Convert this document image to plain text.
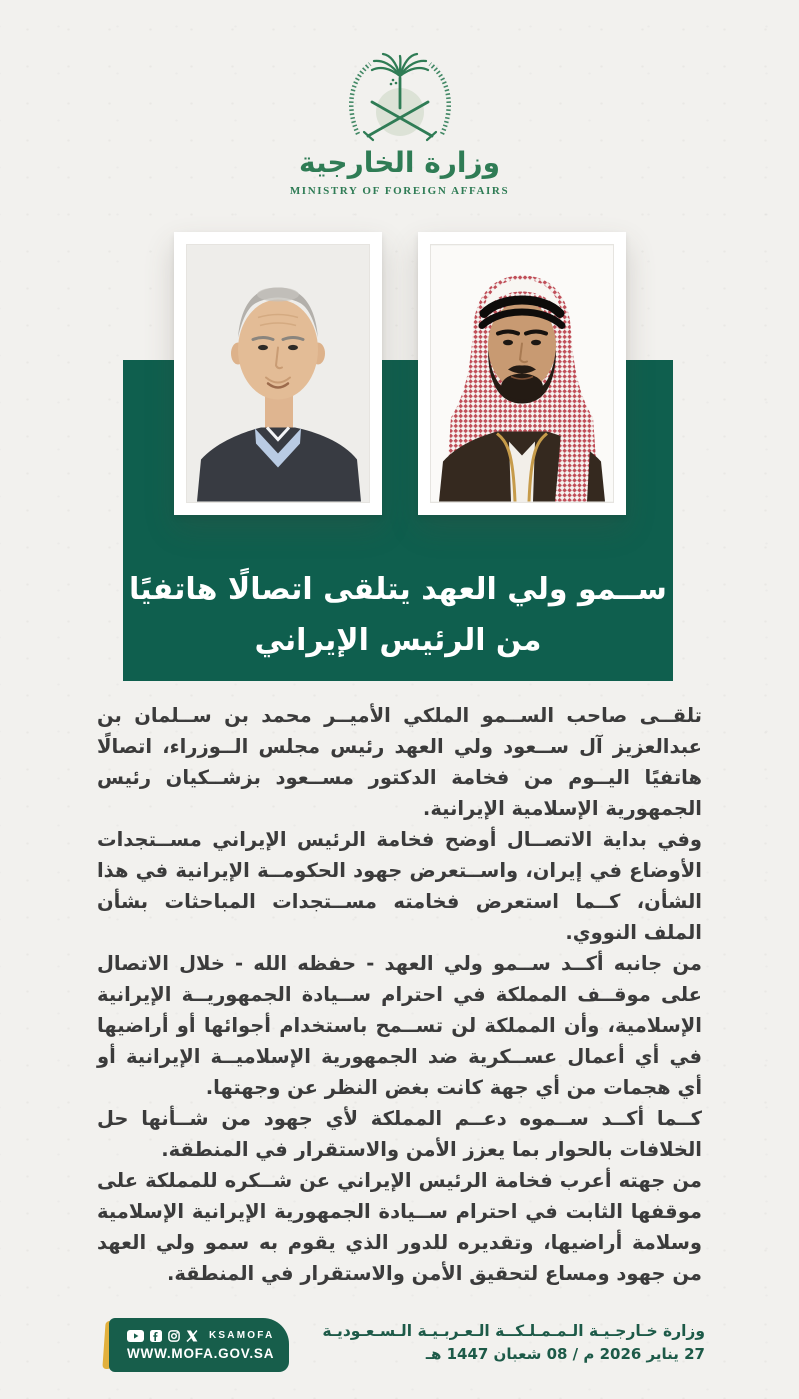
وزارة الخارجية
MINISTRY OF FOREIGN AFFAIRS
ســمو ولي العهد يتلقى اتصالًا هاتفيًا
من الرئيس الإيراني

تلقــى صاحب الســمو الملكي الأميــر محمد بن ســلمان بن عبدالعزيز آل ســعود ولي العهد رئيس مجلس الــوزراء، اتصالًا هاتفيًا اليــوم من فخامة الدكتور مســعود بزشــكيان رئيس الجمهورية الإسلامية الإيرانية.

وفي بداية الاتصــال أوضح فخامة الرئيس الإيراني مســتجدات الأوضاع في إيران، واســتعرض جهود الحكومــة الإيرانية في هذا الشأن، كــما استعرض فخامته مســتجدات المباحثات بشأن الملف النووي.

من جانبه أكــد ســمو ولي العهد - حفظه الله - خلال الاتصال على موقــف المملكة في احترام ســيادة الجمهوريــة الإيرانية الإسلامية، وأن المملكة لن تســمح باستخدام أجوائها أو أراضيها في أي أعمال عســكرية ضد الجمهورية الإسلاميــة الإيرانية أو أي هجمات من أي جهة كانت بغض النظر عن وجهتها.

كــما أكــد ســموه دعــم المملكة لأي جهود من شــأنها حل الخلافات بالحوار بما يعزز الأمن والاستقرار في المنطقة.

من جهته أعرب فخامة الرئيس الإيراني عن شــكره للمملكة على موقفها الثابت في احترام ســيادة الجمهورية الإيرانية الإسلامية وسلامة أراضيها، وتقديره للدور الذي يقوم به سمو ولي العهد من جهود ومساع لتحقيق الأمن والاستقرار في المنطقة.

KSAMOFA
WWW.MOFA.GOV.SA
وزارة خـارجـيـة الـمـمـلـكــة الـعـربـيـة الـسـعـوديـة
27 يناير 2026 م / 08 شعبان 1447 هـ
